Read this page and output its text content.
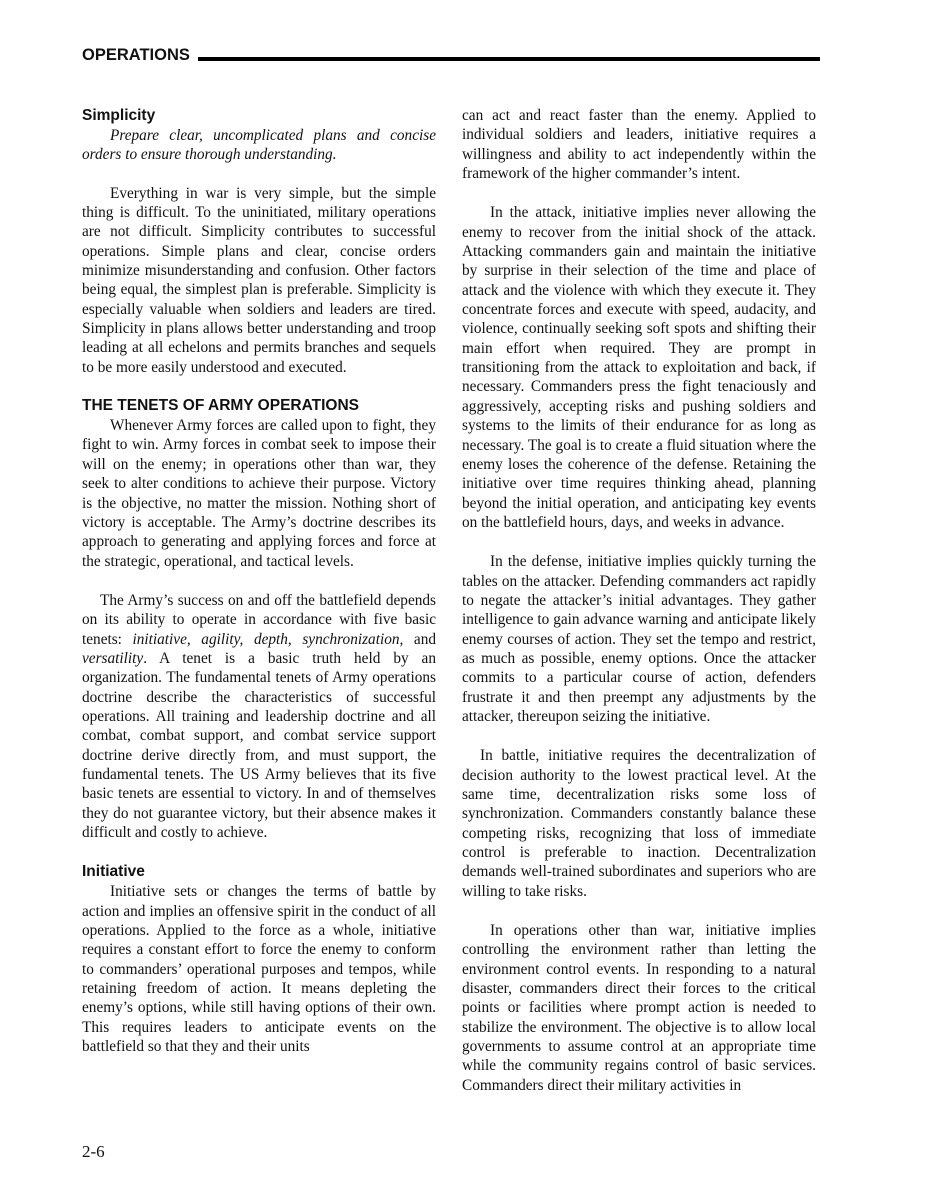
OPERATIONS
Simplicity

Prepare clear, uncomplicated plans and concise orders to ensure thorough understanding.

Everything in war is very simple, but the simple thing is difficult. To the uninitiated, military operations are not difficult. Simplicity contributes to successful operations. Simple plans and clear, concise orders minimize misunderstanding and confusion. Other factors being equal, the simplest plan is preferable. Simplicity is especially valuable when soldiers and leaders are tired. Simplicity in plans allows better understanding and troop leading at all echelons and permits branches and sequels to be more easily understood and executed.

THE TENETS OF ARMY OPERATIONS

Whenever Army forces are called upon to fight, they fight to win. Army forces in combat seek to impose their will on the enemy; in operations other than war, they seek to alter conditions to achieve their purpose. Victory is the objective, no matter the mission. Nothing short of victory is acceptable. The Army’s doctrine describes its approach to generating and applying forces and force at the strategic, operational, and tactical levels.

The Army’s success on and off the battlefield depends on its ability to operate in accordance with five basic tenets: initiative, agility, depth, synchronization, and versatility. A tenet is a basic truth held by an organization. The fundamental tenets of Army operations doctrine describe the characteristics of successful operations. All training and leadership doctrine and all combat, combat support, and combat service support doctrine derive directly from, and must support, the fundamental tenets. The US Army believes that its five basic tenets are essential to victory. In and of themselves they do not guarantee victory, but their absence makes it difficult and costly to achieve.

Initiative

Initiative sets or changes the terms of battle by action and implies an offensive spirit in the conduct of all operations. Applied to the force as a whole, initiative requires a constant effort to force the enemy to conform to commanders’ operational purposes and tempos, while retaining freedom of action. It means depleting the enemy’s options, while still having options of their own. This requires leaders to anticipate events on the battlefield so that they and their units

can act and react faster than the enemy. Applied to individual soldiers and leaders, initiative requires a willingness and ability to act independently within the framework of the higher commander’s intent.

In the attack, initiative implies never allowing the enemy to recover from the initial shock of the attack. Attacking commanders gain and maintain the initiative by surprise in their selection of the time and place of attack and the violence with which they execute it. They concentrate forces and execute with speed, audacity, and violence, continually seeking soft spots and shifting their main effort when required. They are prompt in transitioning from the attack to exploitation and back, if necessary. Commanders press the fight tenaciously and aggressively, accepting risks and pushing soldiers and systems to the limits of their endurance for as long as necessary. The goal is to create a fluid situation where the enemy loses the coherence of the defense. Retaining the initiative over time requires thinking ahead, planning beyond the initial operation, and anticipating key events on the battlefield hours, days, and weeks in advance.

In the defense, initiative implies quickly turning the tables on the attacker. Defending commanders act rapidly to negate the attacker’s initial advantages. They gather intelligence to gain advance warning and anticipate likely enemy courses of action. They set the tempo and restrict, as much as possible, enemy options. Once the attacker commits to a particular course of action, defenders frustrate it and then preempt any adjustments by the attacker, thereupon seizing the initiative.

In battle, initiative requires the decentralization of decision authority to the lowest practical level. At the same time, decentralization risks some loss of synchronization. Commanders constantly balance these competing risks, recognizing that loss of immediate control is preferable to inaction. Decentralization demands well-trained subordinates and superiors who are willing to take risks.

In operations other than war, initiative implies controlling the environment rather than letting the environment control events. In responding to a natural disaster, commanders direct their forces to the critical points or facilities where prompt action is needed to stabilize the environment. The objective is to allow local governments to assume control at an appropriate time while the community regains control of basic services. Commanders direct their military activities in

2-6
